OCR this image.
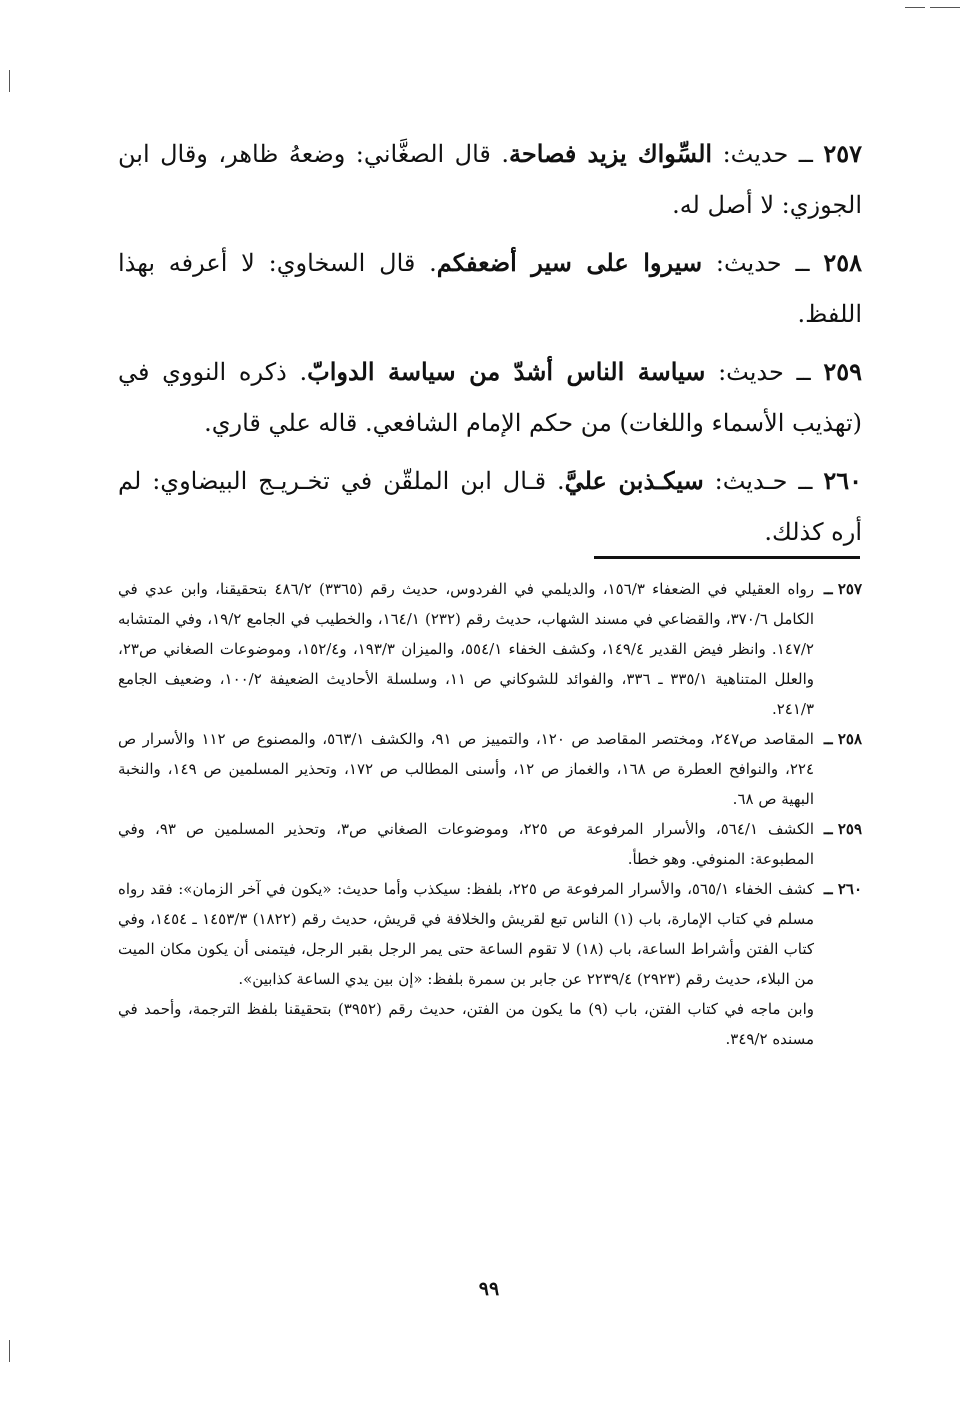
٢٥٧ ــ حديث: السِّواك يزيد فصاحة. قال الصغَّاني: وضعهُ ظاهر، وقال ابن الجوزي: لا أصل له.

٢٥٨ ــ حديث: سيروا على سير أضعفكم. قال السخاوي: لا أعرفه بهذا اللفظ.

٢٥٩ ــ حديث: سياسة الناس أشدّ من سياسة الدوابّ. ذكره النووي في (تهذيب الأسماء واللغات) من حكم الإمام الشافعي. قاله علي قاري.

٢٦٠ ــ حـديث: سيكـذبن عليَّ. قـال ابن الملقّن في تخـريـج البيضاوي: لم أره كذلك.

٢٥٧ ــ
رواه العقيلي في الضعفاء ١٥٦/٣، والديلمي في الفردوس، حديث رقم (٣٣٦٥) ٤٨٦/٢ بتحقيقنا، وابن عدي في الكامل ٣٧٠/٦، والقضاعي في مسند الشهاب، حديث رقم (٢٣٢) ١٦٤/١، والخطيب في الجامع ١٩/٢، وفي المتشابه ١٤٧/٢. وانظر فيض القدير ١٤٩/٤، وكشف الخفاء ٥٥٤/١، والميزان ١٩٣/٣، و١٥٢/٤، وموضوعات الصغاني ص٢٣، والعلل المتناهية ٣٣٥/١ ـ ٣٣٦، والفوائد للشوكاني ص ١١، وسلسلة الأحاديث الضعيفة ١٠٠/٢، وضعيف الجامع ٢٤١/٣.
٢٥٨ ــ
المقاصد ص٢٤٧، ومختصر المقاصد ص ١٢٠، والتمييز ص ٩١، والكشف ٥٦٣/١، والمصنوع ص ١١٢ والأسرار ص ٢٢٤، والنوافح العطرة ص ١٦٨، والغماز ص ١٢، وأسنى المطالب ص ١٧٢، وتحذير المسلمين ص ١٤٩، والنخبة البهية ص ٦٨.
٢٥٩ ــ
الكشف ٥٦٤/١، والأسرار المرفوعة ص ٢٢٥، وموضوعات الصغاني ص٣، وتحذير المسلمين ص ٩٣، وفي المطبوعة: المنوفي. وهو خطأ.
٢٦٠ ــ
كشف الخفاء ٥٦٥/١، والأسرار المرفوعة ص ٢٢٥، بلفظ: سيكذب وأما حديث: «يكون في آخر الزمان»: فقد رواه مسلم في كتاب الإمارة، باب (١) الناس تبع لقريش والخلافة في قريش، حديث رقم (١٨٢٢) ١٤٥٣/٣ ـ ١٤٥٤، وفي كتاب الفتن وأشراط الساعة، باب (١٨) لا تقوم الساعة حتى يمر الرجل بقبر الرجل، فيتمنى أن يكون مكان الميت من البلاء، حديث رقم (٢٩٢٣) ٢٢٣٩/٤ عن جابر بن سمرة بلفظ: «إن بين يدي الساعة كذابين».
وابن ماجه في كتاب الفتن، باب (٩) ما يكون من الفتن، حديث رقم (٣٩٥٢) بتحقيقنا بلفظ الترجمة، وأحمد في مسنده ٣٤٩/٢.
٩٩
